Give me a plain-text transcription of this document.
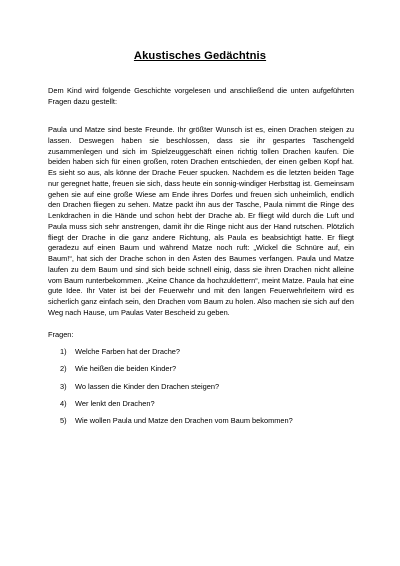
Akustisches Gedächtnis
Dem Kind wird folgende Geschichte vorgelesen und anschließend die unten aufgeführten Fragen dazu gestellt:
Paula und Matze sind beste Freunde. Ihr größter Wunsch ist es, einen Drachen steigen zu lassen. Deswegen haben sie beschlossen, dass sie ihr gespartes Taschengeld zusammenlegen und sich im Spielzeuggeschäft einen richtig tollen Drachen kaufen. Die beiden haben sich für einen großen, roten Drachen entschieden, der einen gelben Kopf hat. Es sieht so aus, als könne der Drache Feuer spucken. Nachdem es die letzten beiden Tage nur geregnet hatte, freuen sie sich, dass heute ein sonnig-windiger Herbsttag ist. Gemeinsam gehen sie auf eine große Wiese am Ende ihres Dorfes und freuen sich unheimlich, endlich den Drachen fliegen zu sehen. Matze packt ihn aus der Tasche, Paula nimmt die Ringe des Lenkdrachen in die Hände und schon hebt der Drache ab. Er fliegt wild durch die Luft und Paula muss sich sehr anstrengen, damit ihr die Ringe nicht aus der Hand rutschen. Plötzlich fliegt der Drache in die ganz andere Richtung, als Paula es beabsichtigt hatte. Er fliegt geradezu auf einen Baum und während Matze noch ruft: „Wickel die Schnüre auf, ein Baum!“, hat sich der Drache schon in den Ästen des Baumes verfangen. Paula und Matze laufen zu dem Baum und sind sich beide schnell einig, dass sie ihren Drachen nicht alleine vom Baum runterbekommen. „Keine Chance da hochzuklettern“, meint Matze. Paula hat eine gute Idee. Ihr Vater ist bei der Feuerwehr und mit den langen Feuerwehrleitern wird es sicherlich ganz einfach sein, den Drachen vom Baum zu holen. Also machen sie sich auf den Weg nach Hause, um Paulas Vater Bescheid zu geben.
Fragen:
1) Welche Farben hat der Drache?
2) Wie heißen die beiden Kinder?
3) Wo lassen die Kinder den Drachen steigen?
4) Wer lenkt den Drachen?
5) Wie wollen Paula und Matze den Drachen vom Baum bekommen?
